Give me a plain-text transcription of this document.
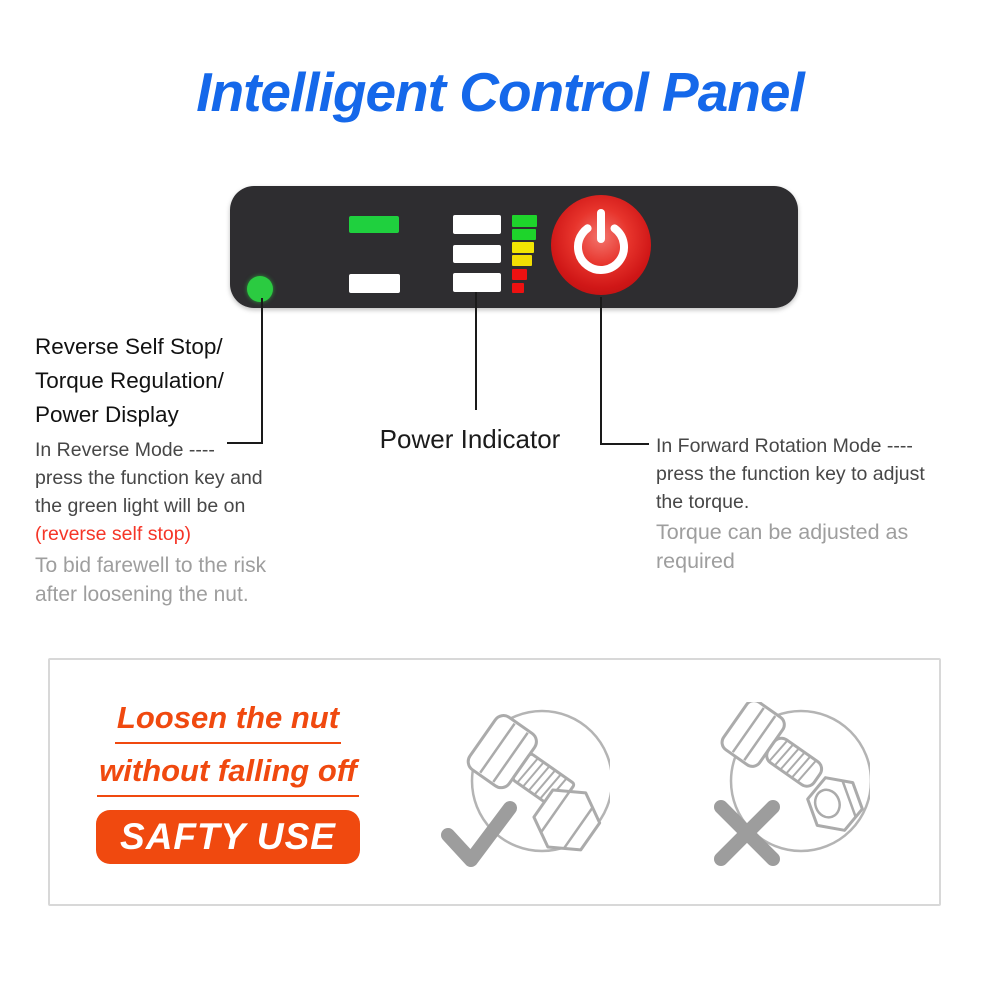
Intelligent Control Panel
Reverse Self Stop/
Torque Regulation/
Power Display
In Reverse Mode ----
press the function key and
the green light will be on
(reverse self stop)
To bid farewell to the risk
after loosening the nut.
Power Indicator	In Forward Rotation Mode ----
press the function key to adjust
the torque.
Torque can be adjusted as
required
Loosen the nut
without falling off
SAFTY USE
